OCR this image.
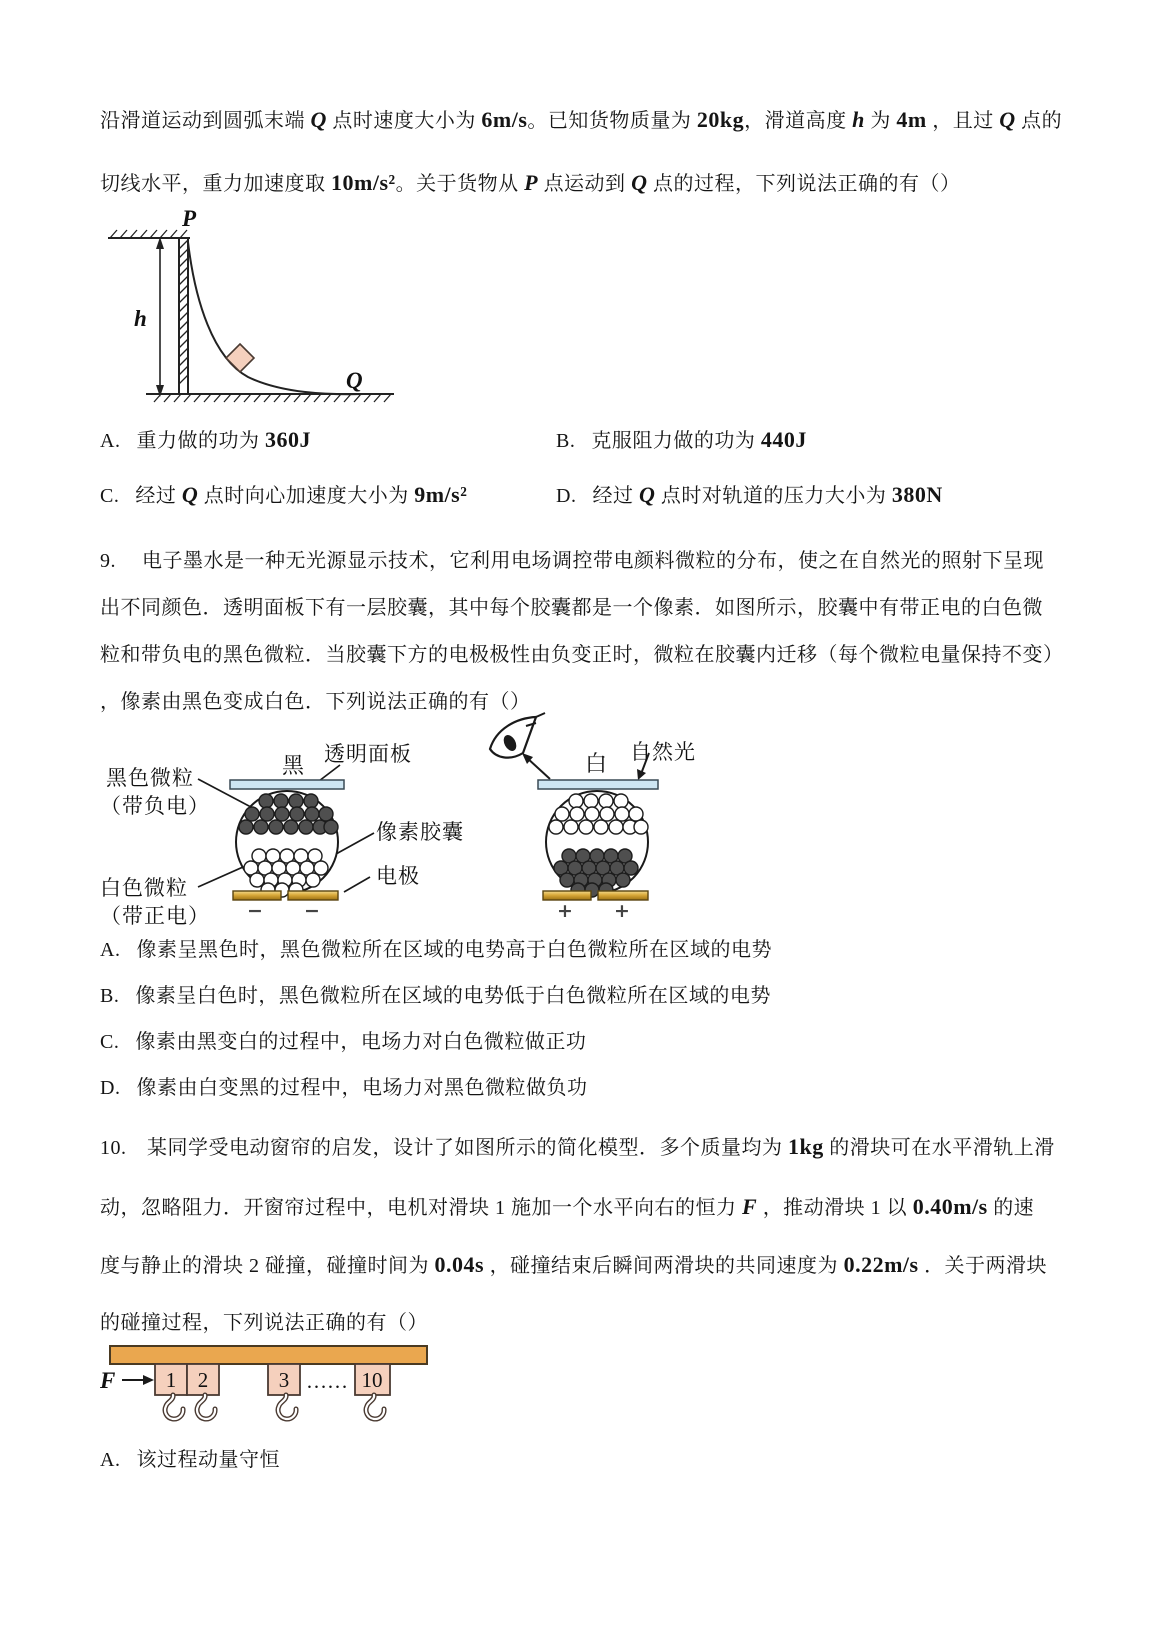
沿滑道运动到圆弧末端 Q 点时速度大小为 6m/s。已知货物质量为 20kg，滑道高度 h 为 4m ，且过 Q 点的
切线水平，重力加速度取 10m/s²。关于货物从 P 点运动到 Q 点的过程，下列说法正确的有（）
P
h
Q
A. 重力做的功为 360J	B. 克服阻力做的功为 440J
C. 经过 Q 点时向心加速度大小为 9m/s²	D. 经过 Q 点时对轨道的压力大小为 380N
9.　 电子墨水是一种无光源显示技术，它利用电场调控带电颜料微粒的分布，使之在自然光的照射下呈现
出不同颜色．透明面板下有一层胶囊，其中每个胶囊都是一个像素．如图所示，胶囊中有带正电的白色微
粒和带负电的黑色微粒．当胶囊下方的电极极性由负变正时，微粒在胶囊内迁移（每个微粒电量保持不变）
，像素由黑色变成白色．下列说法正确的有（）
− −	+ +
黑色微粒
（带负电）
白色微粒
（带正电）
黑 透明面板
像素胶囊
电极
白 自然光
A. 像素呈黑色时，黑色微粒所在区域的电势高于白色微粒所在区域的电势
B. 像素呈白色时，黑色微粒所在区域的电势低于白色微粒所在区域的电势
C. 像素由黑变白的过程中，电场力对白色微粒做正功
D. 像素由白变黑的过程中，电场力对黑色微粒做负功
10.　某同学受电动窗帘的启发，设计了如图所示的简化模型．多个质量均为 1kg 的滑块可在水平滑轨上滑
动，忽略阻力．开窗帘过程中，电机对滑块 1 施加一个水平向右的恒力 F ，推动滑块 1 以 0.40m/s 的速
度与静止的滑块 2 碰撞，碰撞时间为 0.04s ，碰撞结束后瞬间两滑块的共同速度为 0.22m/s ．关于两滑块
的碰撞过程，下列说法正确的有（）
1 2	3	10
……
F
A. 该过程动量守恒
